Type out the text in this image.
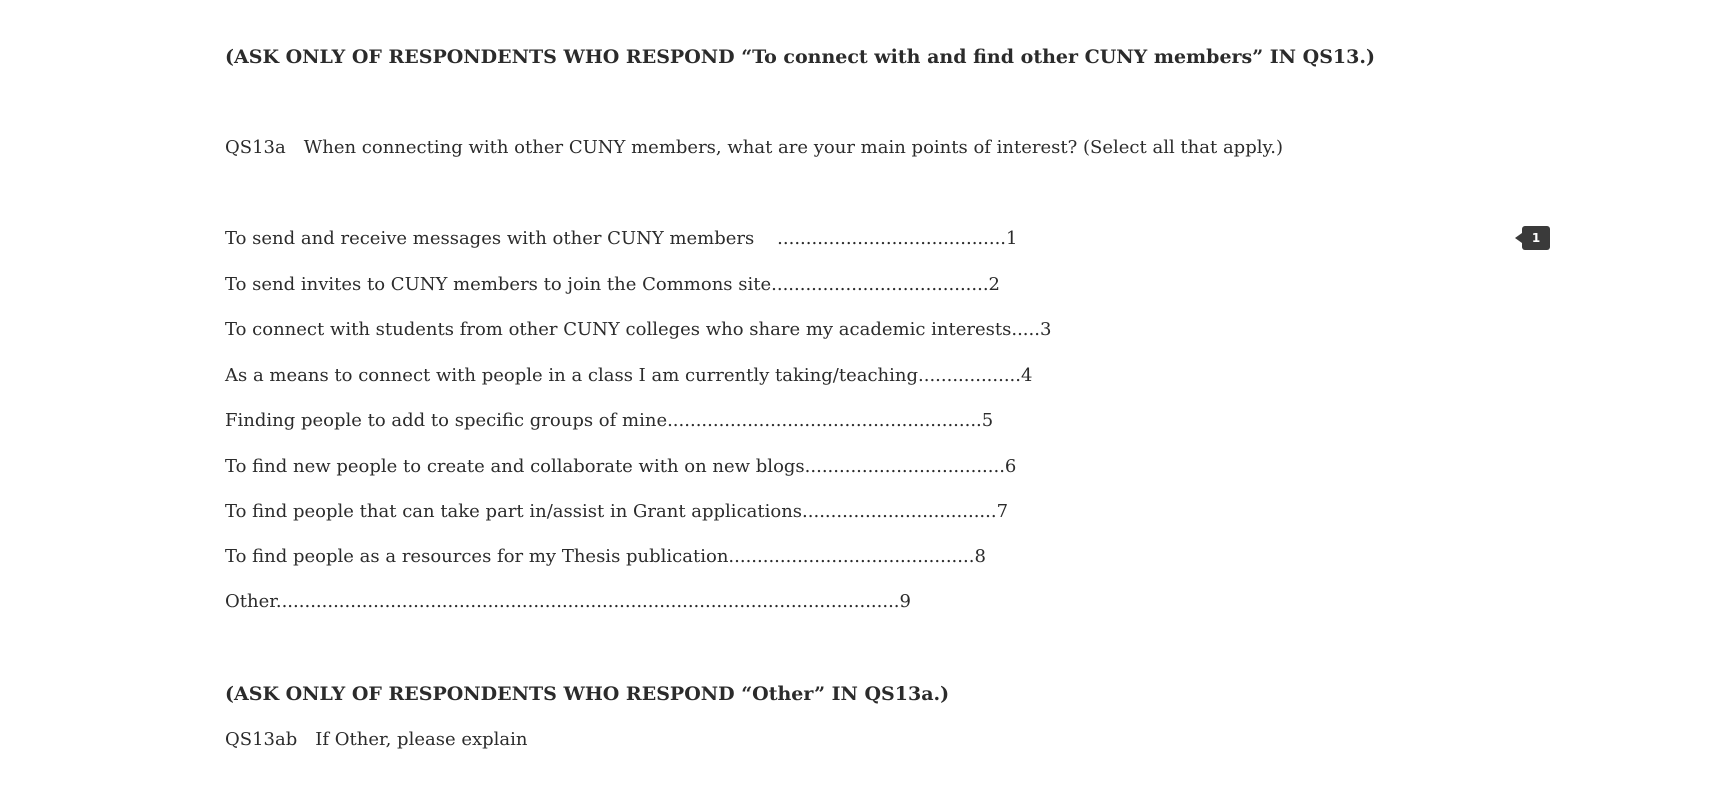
(ASK ONLY OF RESPONDENTS WHO RESPOND “To connect with and find other CUNY members” IN QS13.)
QS13a When connecting with other CUNY members, what are your main points of interest? (Select all that apply.)
To send and receive messages with other CUNY members    ........................................1
To send invites to CUNY members to join the Commons site......................................2
To connect with students from other CUNY colleges who share my academic interests.....3
As a means to connect with people in a class I am currently taking/teaching..................4
Finding people to add to specific groups of mine.......................................................5
To find new people to create and collaborate with on new blogs...................................6
To find people that can take part in/assist in Grant applications..................................7
To find people as a resources for my Thesis publication...........................................8
Other.............................................................................................................9
(ASK ONLY OF RESPONDENTS WHO RESPOND “Other” IN QS13a.)
QS13ab If Other, please explain
1
